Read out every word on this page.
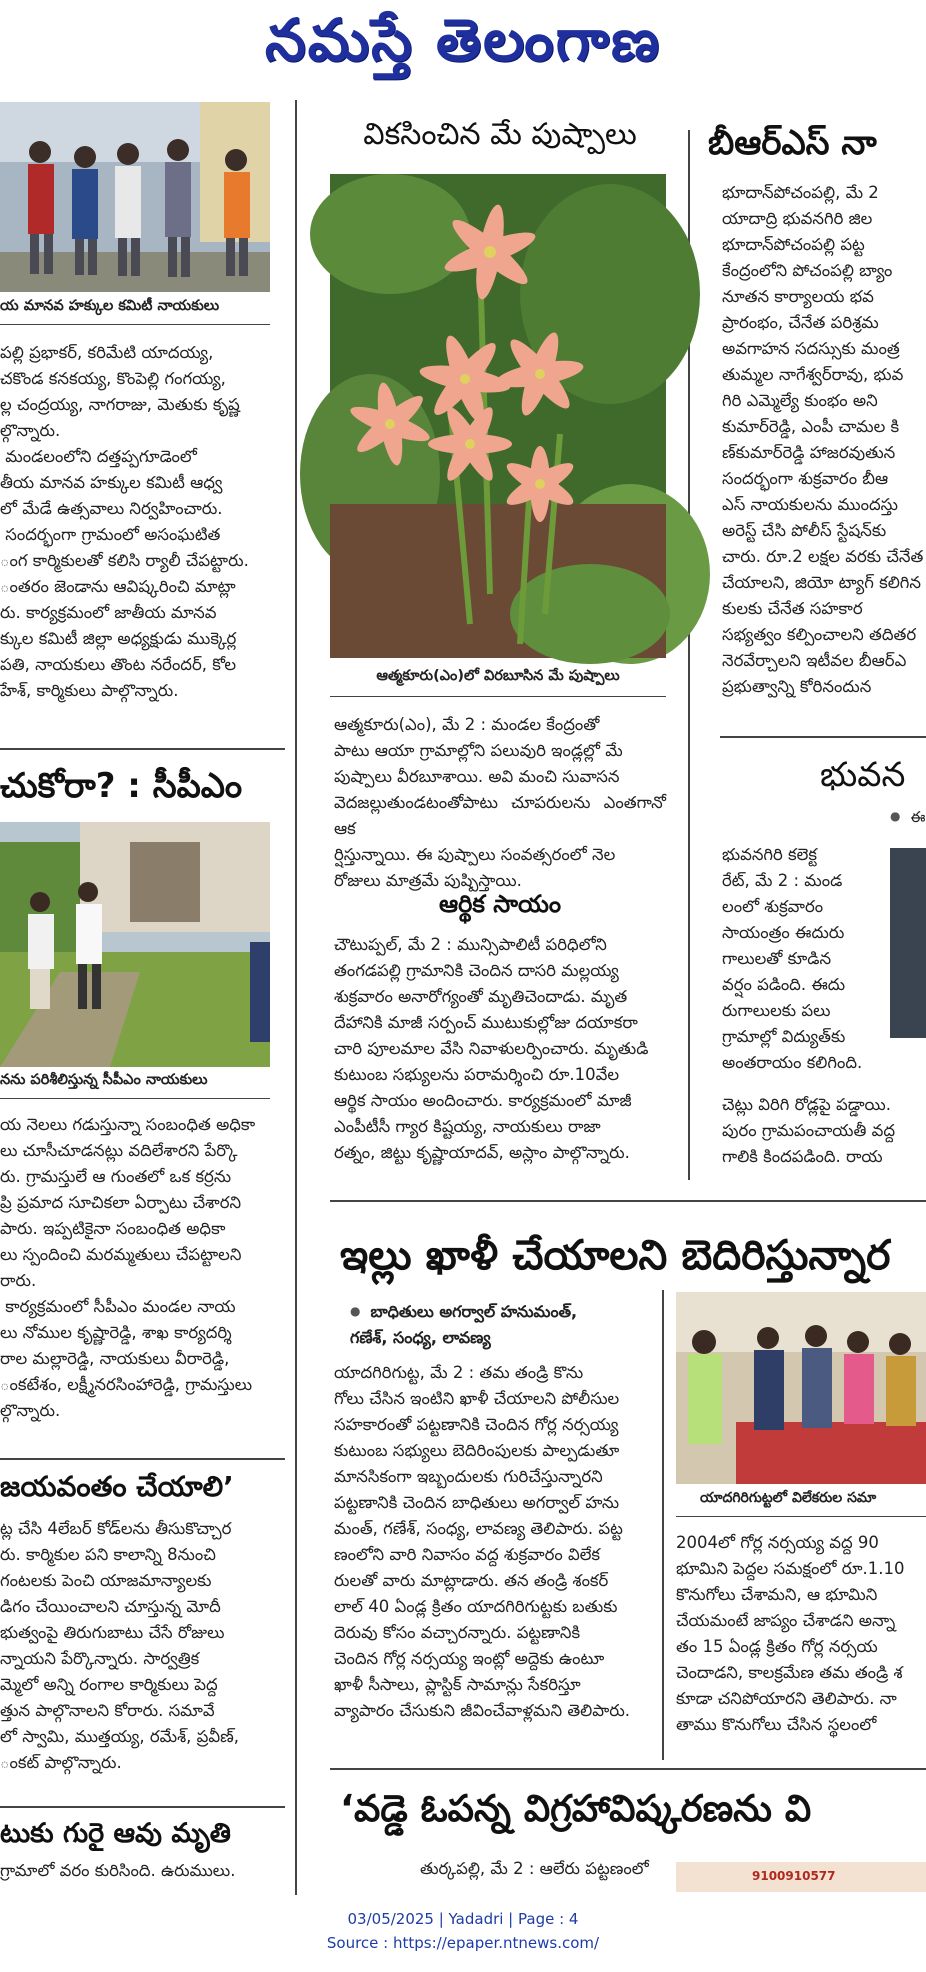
నమస్తే తెలంగాణ
య మానవ హక్కుల కమిటీ నాయకులు
పల్లి ప్రభాకర్, కరిమేటి యాదయ్య,
చకొండ కనకయ్య, కొంపెల్లి గంగయ్య,
ల్ల చంద్రయ్య, నాగరాజు, మెతుకు కృష్ణ
ల్గొన్నారు.
మండలంలోని దత్తప్పగూడెంలో
తీయ మానవ హక్కుల కమిటీ ఆధ్వ
లో మేడే ఉత్సవాలు నిర్వహించారు.
సందర్భంగా గ్రామంలో అసంఘటిత
ంగ కార్మికులతో కలిసి ర్యాలీ చేపట్టారు.
ంతరం జెండాను ఆవిష్కరించి మాట్లా
రు. కార్యక్రమంలో జాతీయ మానవ
క్కుల కమిటీ జిల్లా అధ్యక్షుడు ముక్కెర్ల
పతి, నాయకులు తొంట నరేందర్, కోల
హేశ్, కార్మికులు పాల్గొన్నారు.
చుకోరా? : సీపీఎం
నను పరిశీలిస్తున్న సీపీఎం నాయకులు
య నెలలు గడుస్తున్నా సంబంధిత అధికా
లు చూసీచూడనట్లు వదిలేశారని పేర్కొ
రు. గ్రామస్తులే ఆ గుంతలో ఒక కర్రను
ప్రి ప్రమాద సూచికలా ఏర్పాటు చేశారని
పారు. ఇప్పటికైనా సంబంధిత అధికా
లు స్పందించి మరమ్మతులు చేపట్టాలని
రారు.
కార్యక్రమంలో సీపీఎం మండల నాయ
లు నోముల కృష్ణారెడ్డి, శాఖ కార్యదర్శి
రాల మల్లారెడ్డి, నాయకులు వీరారెడ్డి,
ంకటేశం, లక్ష్మీనరసింహారెడ్డి, గ్రామస్తులు
ల్గొన్నారు.
జయవంతం చేయాలి’
ట్ల చేసి 4లేబర్ కోడ్‌లను తీసుకొచ్చార
రు. కార్మికుల పని కాలాన్ని 8నుంచి
గంటలకు పెంచి యాజమాన్యాలకు
డిగం చేయించాలని చూస్తున్న మోదీ
భుత్వంపై తిరుగుబాటు చేసే రోజులు
న్నాయని పేర్కొన్నారు. సార్వత్రిక
మ్మెలో అన్ని రంగాల కార్మికులు పెద్ద
త్తున పాల్గొనాలని కోరారు. సమావే
లో స్వామి, ముత్తయ్య, రమేశ్, ప్రవీణ్,
ంకట్ పాల్గొన్నారు.
టుకు గురై ఆవు మృతి
గ్రామాలో వరం కురిసింది. ఉరుములు.
వికసించిన మే పుష్పాలు
ఆత్మకూరు(ఎం)లో విరబూసిన మే పుష్పాలు
ఆత్మకూరు(ఎం), మే 2 : మండల కేంద్రంతో
పాటు ఆయా గ్రామాల్లోని పలువురి ఇండ్లల్లో మే
పుష్పాలు వీరబూశాయి. అవి మంచి సువాసన
వెదజల్లుతుండటంతోపాటు చూపరులను ఎంతగానో ఆక
ర్షిస్తున్నాయి. ఈ పుష్పాలు సంవత్సరంలో నెల
రోజులు మాత్రమే పుష్పిస్తాయి.
ఆర్థిక సాయం
చౌటుప్పల్, మే 2 : మున్సిపాలిటీ పరిధిలోని
తంగడపల్లి గ్రామానికి చెందిన దాసరి మల్లయ్య
శుక్రవారం అనారోగ్యంతో మృతిచెందాడు. మృత
దేహానికి మాజీ సర్పంచ్ ముటుకుల్లోజు దయాకరా
చారి పూలమాల వేసి నివాళులర్పించారు. మృతుడి
కుటుంబ సభ్యులను పరామర్శించి రూ.10వేల
ఆర్థిక సాయం అందించారు. కార్యక్రమంలో మాజీ
ఎంపీటీసీ గ్యార కిష్టయ్య, నాయకులు రాజా
రత్నం, జిట్టు కృష్ణాయాదవ్, అస్లాం పాల్గొన్నారు.
బీఆర్ఎస్ నా
భూదాన్‌పోచంపల్లి, మే 2
యాదాద్రి భువనగిరి జిల
భూదాన్‌పోచంపల్లి పట్ట
కేంద్రంలోని పోచంపల్లి బ్యాం
నూతన కార్యాలయ భవ
ప్రారంభం, చేనేత పరిశ్రమ
అవగాహన సదస్సుకు మంత్ర
తుమ్మల నాగేశ్వర్‌రావు, భువ
గిరి ఎమ్మెల్యే కుంభం అని
కుమార్‌రెడ్డి, ఎంపీ చామల కి
ణ్‌కుమార్‌రెడ్డి హాజరవుతున
సందర్భంగా శుక్రవారం బీఆ
ఎస్ నాయకులను ముందస్తు
అరెస్ట్ చేసి పోలీస్ స్టేషన్‌కు
చారు. రూ.2 లక్షల వరకు చేనేత
చేయాలని, జియో ట్యాగ్ కలిగిన
కులకు చేనేత సహకార
సభ్యత్వం కల్పించాలని తదితర
నెరవేర్చాలని ఇటీవల బీఆర్ఎ
ప్రభుత్వాన్ని కోరినందున
భువన
● ఈ
భువనగిరి కలెక్ట
రేట్, మే 2 : మండ
లంలో శుక్రవారం
సాయంత్రం ఈదురు
గాలులతో కూడిన
వర్షం పడింది. ఈదు
రుగాలులకు పలు
గ్రామాల్లో విద్యుత్‌కు
అంతరాయం కలిగింది.
చెట్లు విరిగి రోడ్లపై పడ్డాయి.
పురం గ్రామపంచాయతీ వద్ద
గాలికి కిందపడింది. రాయ
ఇల్లు ఖాళీ చేయాలని బెదిరిస్తున్నార
● బాధితులు అగర్వాల్ హనుమంత్,
గణేశ్, సంధ్య, లావణ్య
యాదగిరిగుట్ట, మే 2 : తమ తండ్రి కొను
గోలు చేసిన ఇంటిని ఖాళీ చేయాలని పోలీసుల
సహకారంతో పట్టణానికి చెందిన గోర్ల నర్సయ్య
కుటుంబ సభ్యులు బెదిరింపులకు పాల్పడుతూ
మానసికంగా ఇబ్బందులకు గురిచేస్తున్నారని
పట్టణానికి చెందిన బాధితులు అగర్వాల్ హను
మంత్, గణేశ్, సంధ్య, లావణ్య తెలిపారు. పట్ట
ణంలోని వారి నివాసం వద్ద శుక్రవారం విలేక
రులతో వారు మాట్లాడారు. తన తండ్రి శంకర్
లాల్ 40 ఏండ్ల క్రితం యాదగిరిగుట్టకు బతుకు
దెరువు కోసం వచ్చారన్నారు. పట్టణానికి
చెందిన గోర్ల నర్సయ్య ఇంట్లో అద్దెకు ఉంటూ
ఖాళీ సీసాలు, ప్లాస్టిక్ సామాన్లు సేకరిస్తూ
వ్యాపారం చేసుకుని జీవించేవాళ్లమని తెలిపారు.
యాదగిరిగుట్టలో విలేకరుల సమా
2004లో గోర్ల నర్సయ్య వద్ద 90
భూమిని పెద్దల సమక్షంలో రూ.1.10
కొనుగోలు చేశామని, ఆ భూమిని
చేయమంటే జాప్యం చేశాడని అన్నా
తం 15 ఏండ్ల క్రితం గోర్ల నర్సయ
చెందాడని, కాలక్రమేణ తమ తండ్రి శ
కూడా చనిపోయారని తెలిపారు. నా
తాము కొనుగోలు చేసిన స్థలంలో
‘వడ్డె ఓపన్న విగ్రహావిష్కరణను వి
తుర్కపల్లి, మే 2 : ఆలేరు పట్టణంలో	9100910577
03/05/2025 | Yadadri | Page : 4
Source : https://epaper.ntnews.com/
